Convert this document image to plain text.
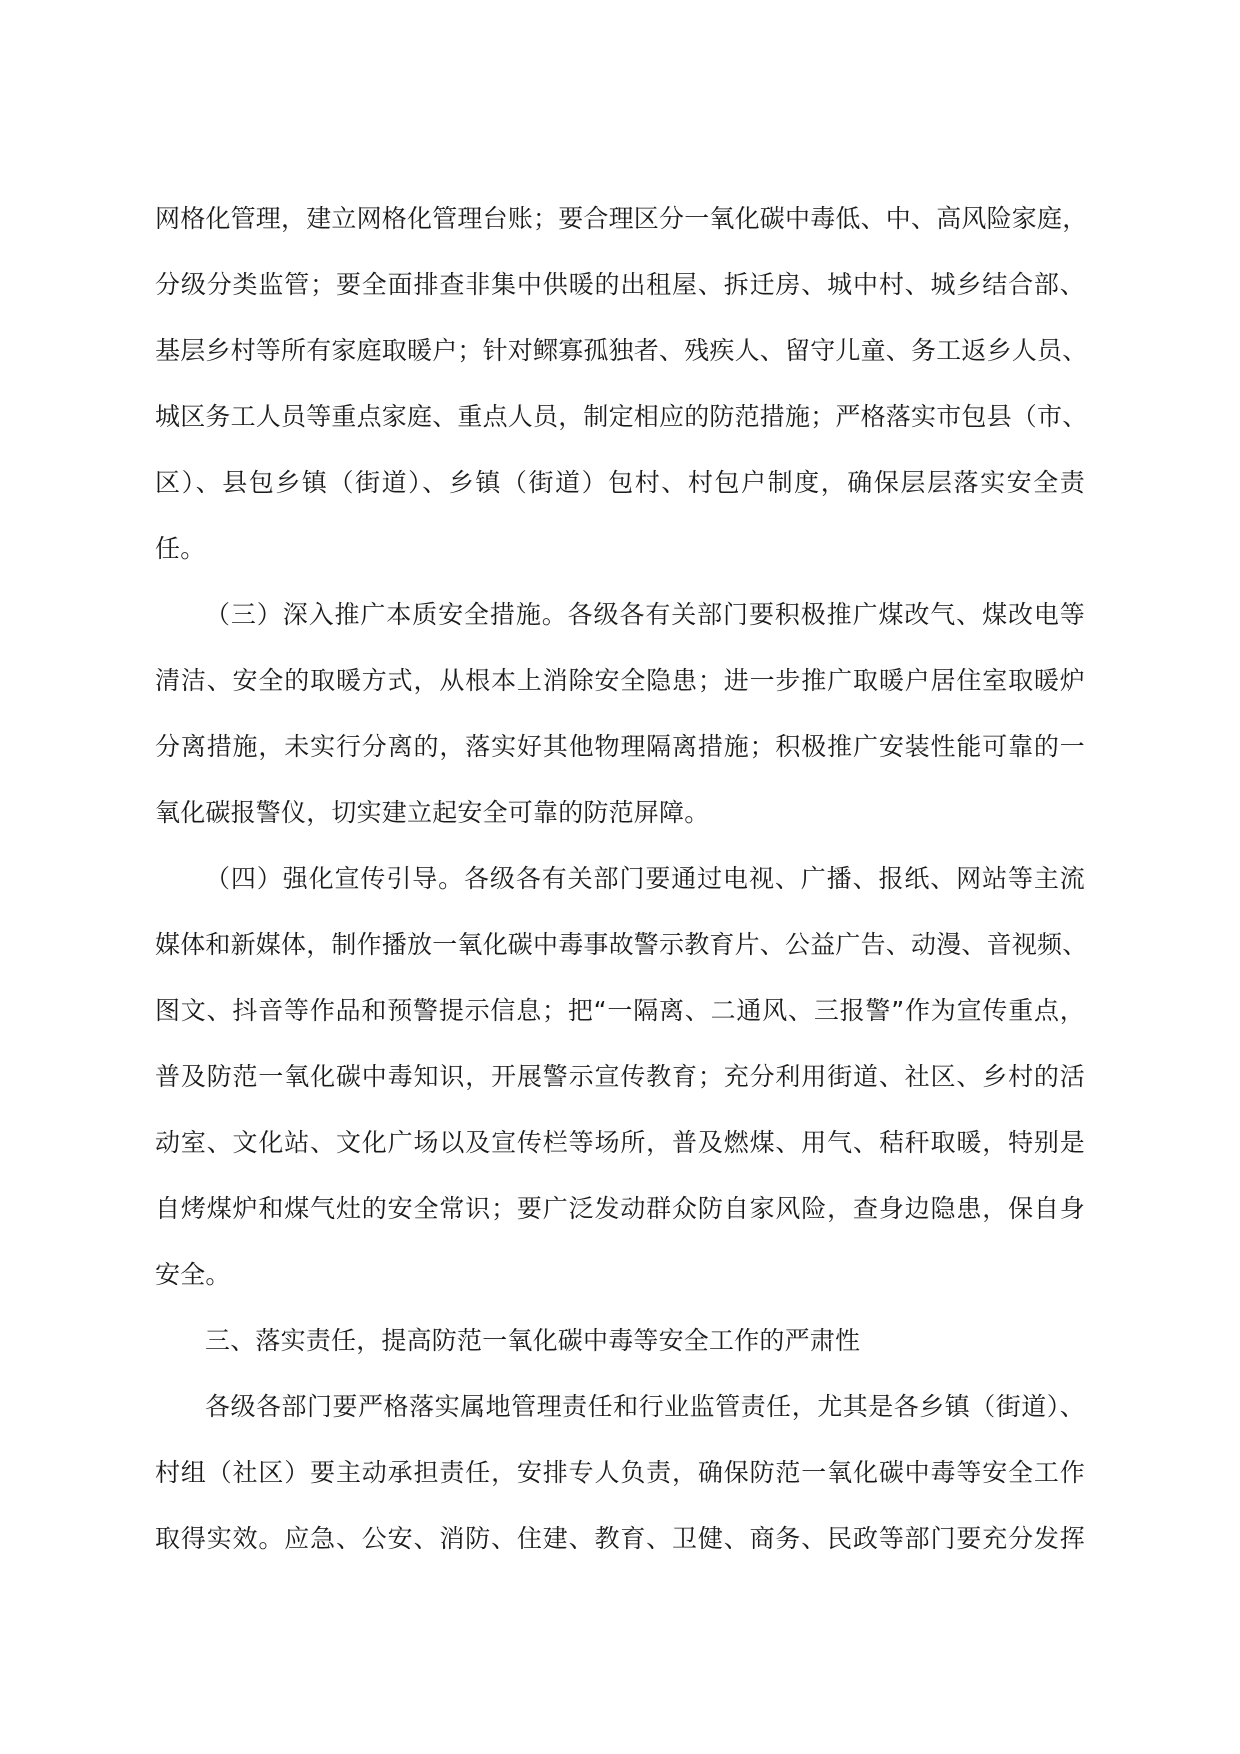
网格化管理，建立网格化管理台账；要合理区分一氧化碳中毒低、中、高风险家庭，
分级分类监管；要全面排查非集中供暖的出租屋、拆迁房、城中村、城乡结合部、
基层乡村等所有家庭取暖户；针对鳏寡孤独者、残疾人、留守儿童、务工返乡人员、
城区务工人员等重点家庭、重点人员，制定相应的防范措施；严格落实市包县（市、
区）、县包乡镇（街道）、乡镇（街道）包村、村包户制度，确保层层落实安全责
任。
（三）深入推广本质安全措施。各级各有关部门要积极推广煤改气、煤改电等
清洁、安全的取暖方式，从根本上消除安全隐患；进一步推广取暖户居住室取暖炉
分离措施，未实行分离的，落实好其他物理隔离措施；积极推广安装性能可靠的一
氧化碳报警仪，切实建立起安全可靠的防范屏障。
（四）强化宣传引导。各级各有关部门要通过电视、广播、报纸、网站等主流
媒体和新媒体，制作播放一氧化碳中毒事故警示教育片、公益广告、动漫、音视频、
图文、抖音等作品和预警提示信息；把“一隔离、二通风、三报警”作为宣传重点，
普及防范一氧化碳中毒知识，开展警示宣传教育；充分利用街道、社区、乡村的活
动室、文化站、文化广场以及宣传栏等场所，普及燃煤、用气、秸秆取暖，特别是
自烤煤炉和煤气灶的安全常识；要广泛发动群众防自家风险，查身边隐患，保自身
安全。
三、落实责任，提高防范一氧化碳中毒等安全工作的严肃性
各级各部门要严格落实属地管理责任和行业监管责任，尤其是各乡镇（街道）、
村组（社区）要主动承担责任，安排专人负责，确保防范一氧化碳中毒等安全工作
取得实效。应急、公安、消防、住建、教育、卫健、商务、民政等部门要充分发挥
